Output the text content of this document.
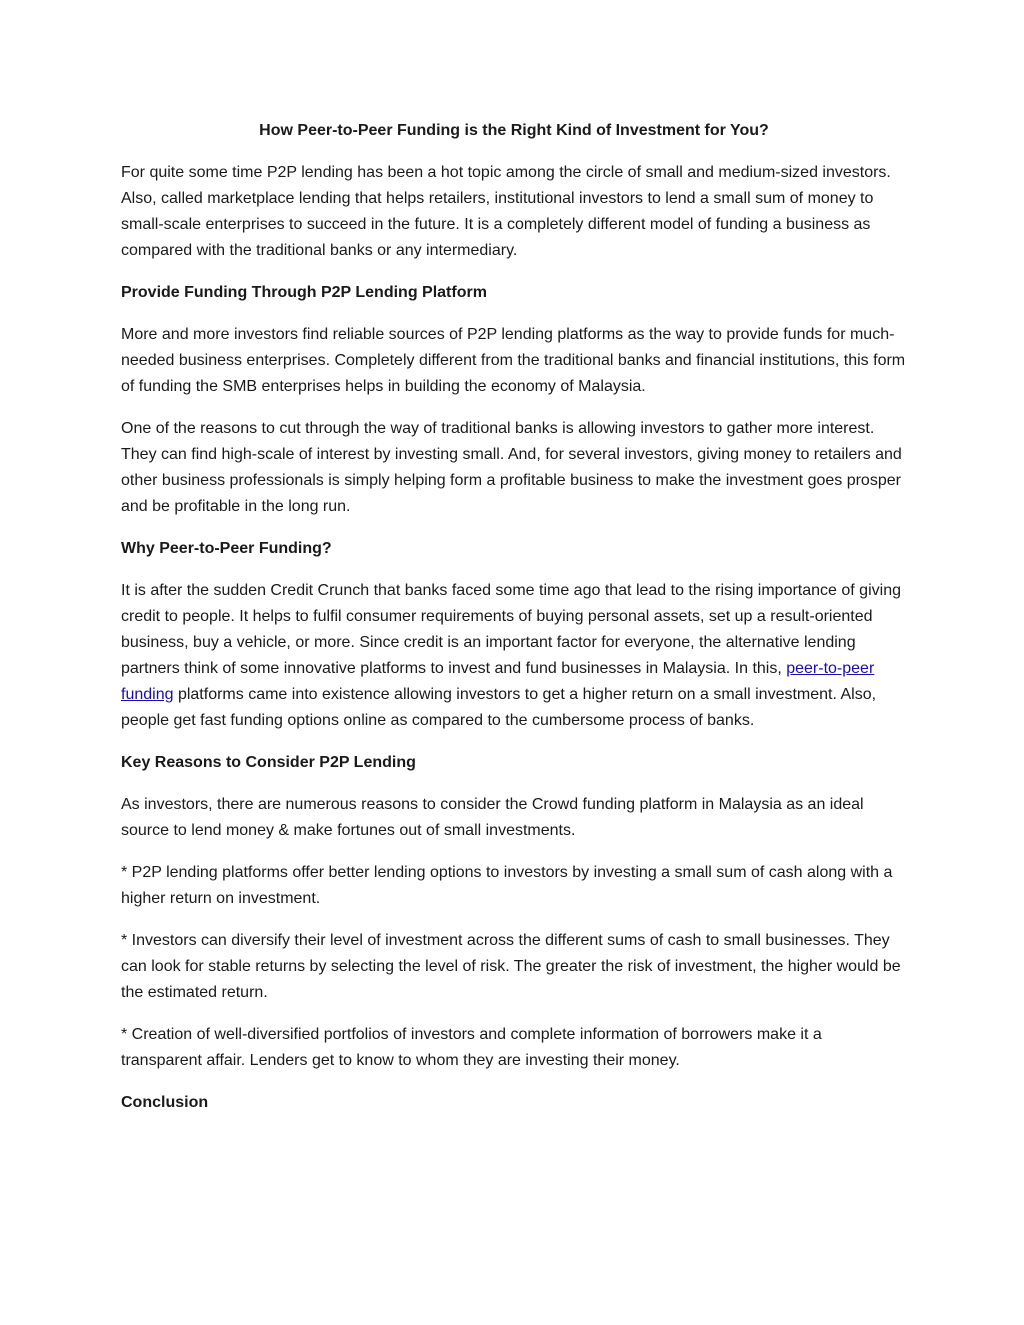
How Peer-to-Peer Funding is the Right Kind of Investment for You?

For quite some time P2P lending has been a hot topic among the circle of small and medium-sized investors. Also, called marketplace lending that helps retailers, institutional investors to lend a small sum of money to small-scale enterprises to succeed in the future. It is a completely different model of funding a business as compared with the traditional banks or any intermediary.

Provide Funding Through P2P Lending Platform

More and more investors find reliable sources of P2P lending platforms as the way to provide funds for much-needed business enterprises. Completely different from the traditional banks and financial institutions, this form of funding the SMB enterprises helps in building the economy of Malaysia.

One of the reasons to cut through the way of traditional banks is allowing investors to gather more interest. They can find high-scale of interest by investing small. And, for several investors, giving money to retailers and other business professionals is simply helping form a profitable business to make the investment goes prosper and be profitable in the long run.

Why Peer-to-Peer Funding?

It is after the sudden Credit Crunch that banks faced some time ago that lead to the rising importance of giving credit to people. It helps to fulfil consumer requirements of buying personal assets, set up a result-oriented business, buy a vehicle, or more. Since credit is an important factor for everyone, the alternative lending partners think of some innovative platforms to invest and fund businesses in Malaysia. In this, peer-to-peer funding platforms came into existence allowing investors to get a higher return on a small investment. Also, people get fast funding options online as compared to the cumbersome process of banks.

Key Reasons to Consider P2P Lending

As investors, there are numerous reasons to consider the Crowd funding platform in Malaysia as an ideal source to lend money & make fortunes out of small investments.

* P2P lending platforms offer better lending options to investors by investing a small sum of cash along with a higher return on investment.

* Investors can diversify their level of investment across the different sums of cash to small businesses. They can look for stable returns by selecting the level of risk. The greater the risk of investment, the higher would be the estimated return.

* Creation of well-diversified portfolios of investors and complete information of borrowers make it a transparent affair. Lenders get to know to whom they are investing their money.

Conclusion
